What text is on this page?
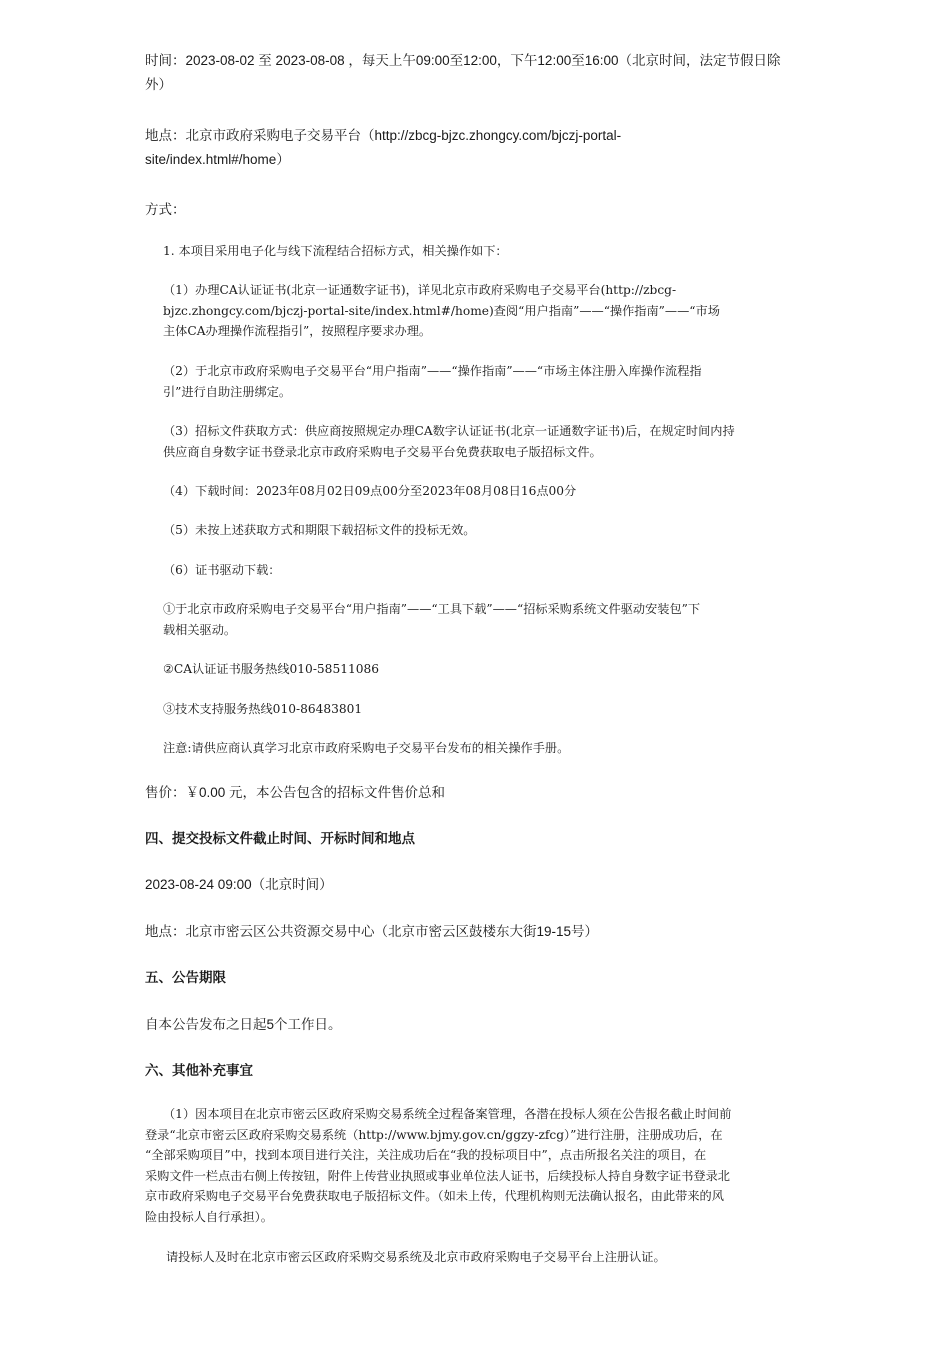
时间：2023-08-02 至 2023-08-08 ，每天上午09:00至12:00，下午12:00至16:00（北京时间，法定节假日除
外）
地点：北京市政府采购电子交易平台（http://zbcg-bjzc.zhongcy.com/bjczj-portal-
site/index.html#/home）
方式：
1. 本项目采用电子化与线下流程结合招标方式，相关操作如下：
（1）办理CA认证证书(北京一证通数字证书)，详见北京市政府采购电子交易平台(http://zbcg-
bjzc.zhongcy.com/bjczj-portal-site/index.html#/home)查阅“用户指南”——“操作指南”——“市场
主体CA办理操作流程指引”，按照程序要求办理。
（2）于北京市政府采购电子交易平台“用户指南”——“操作指南”——“市场主体注册入库操作流程指
引”进行自助注册绑定。
（3）招标文件获取方式：供应商按照规定办理CA数字认证证书(北京一证通数字证书)后，在规定时间内持
供应商自身数字证书登录北京市政府采购电子交易平台免费获取电子版招标文件。
（4）下载时间：2023年08月02日09点00分至2023年08月08日16点00分
（5）未按上述获取方式和期限下载招标文件的投标无效。
（6）证书驱动下载：
①于北京市政府采购电子交易平台“用户指南”——“工具下载”——“招标采购系统文件驱动安装包”下
载相关驱动。
②CA认证证书服务热线010-58511086
③技术支持服务热线010-86483801
注意:请供应商认真学习北京市政府采购电子交易平台发布的相关操作手册。
售价：￥0.00 元，本公告包含的招标文件售价总和
四、提交投标文件截止时间、开标时间和地点
2023-08-24 09:00（北京时间）
地点：北京市密云区公共资源交易中心（北京市密云区鼓楼东大街19-15号）
五、公告期限
自本公告发布之日起5个工作日。
六、其他补充事宜
（1）因本项目在北京市密云区政府采购交易系统全过程备案管理，各潜在投标人须在公告报名截止时间前
登录“北京市密云区政府采购交易系统（http://www.bjmy.gov.cn/ggzy-zfcg）”进行注册，注册成功后，在
“全部采购项目”中，找到本项目进行关注，关注成功后在“我的投标项目中”，点击所报名关注的项目，在
采购文件一栏点击右侧上传按钮，附件上传营业执照或事业单位法人证书，后续投标人持自身数字证书登录北
京市政府采购电子交易平台免费获取电子版招标文件。（如未上传，代理机构则无法确认报名，由此带来的风
险由投标人自行承担）。
请投标人及时在北京市密云区政府采购交易系统及北京市政府采购电子交易平台上注册认证。
